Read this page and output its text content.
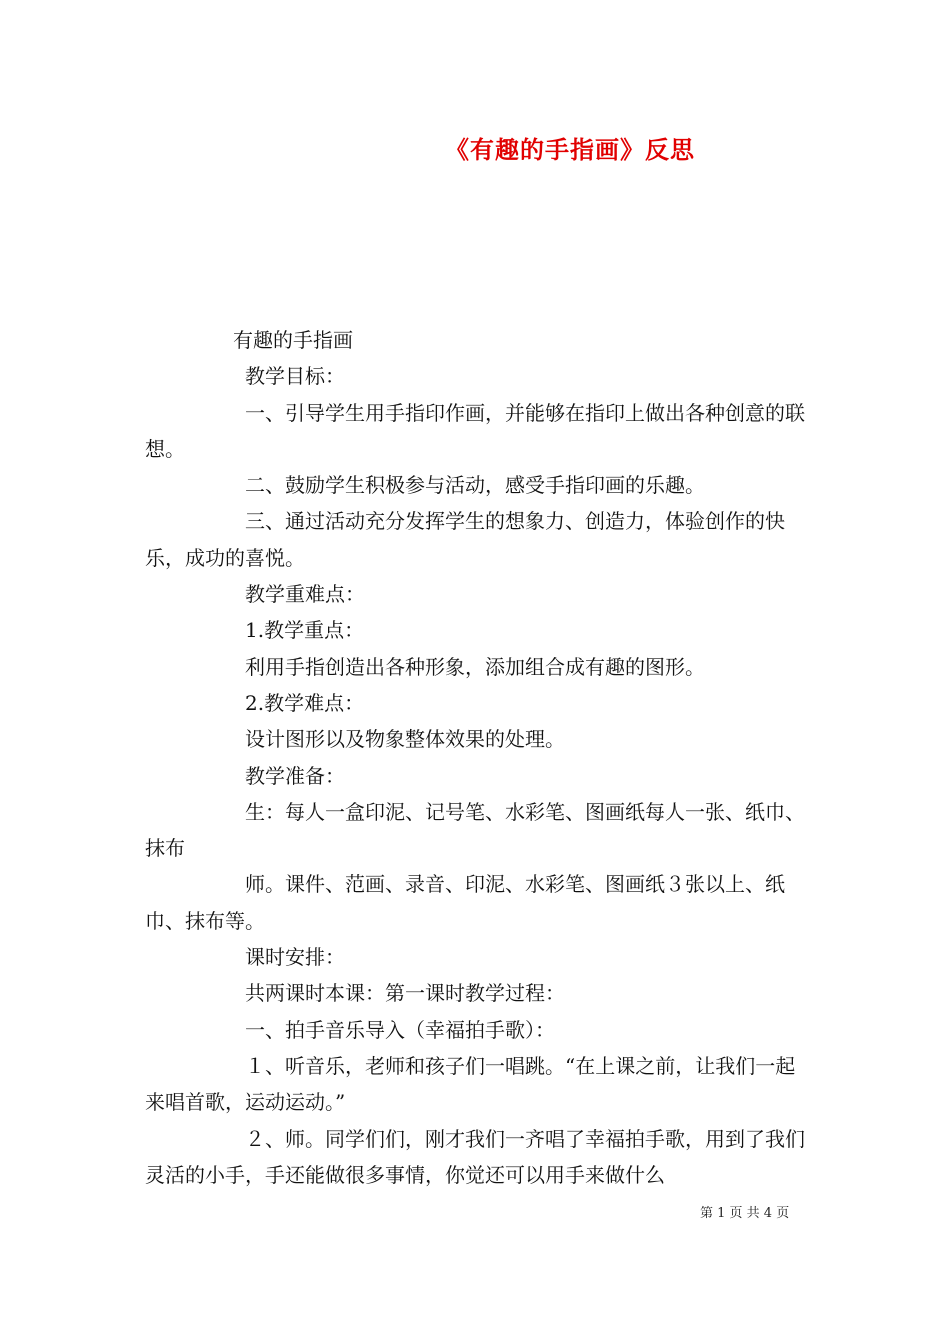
《有趣的手指画》反思

有趣的手指画

教学目标：

一、引导学生用手指印作画，并能够在指印上做出各种创意的联想。

二、鼓励学生积极参与活动，感受手指印画的乐趣。

三、通过活动充分发挥学生的想象力、创造力，体验创作的快乐，成功的喜悦。

教学重难点：

1.教学重点：

利用手指创造出各种形象，添加组合成有趣的图形。

2.教学难点：

设计图形以及物象整体效果的处理。

教学准备：

生：每人一盒印泥、记号笔、水彩笔、图画纸每人一张、纸巾、抹布

师。课件、范画、录音、印泥、水彩笔、图画纸３张以上、纸巾、抹布等。

课时安排：

共两课时本课：第一课时教学过程：

一、拍手音乐导入（幸福拍手歌）：

１、听音乐，老师和孩子们一唱跳。“在上课之前，让我们一起来唱首歌，运动运动。”

２、师。同学们们，刚才我们一齐唱了幸福拍手歌，用到了我们灵活的小手，手还能做很多事情，你觉还可以用手来做什么

第 1 页 共 4 页
